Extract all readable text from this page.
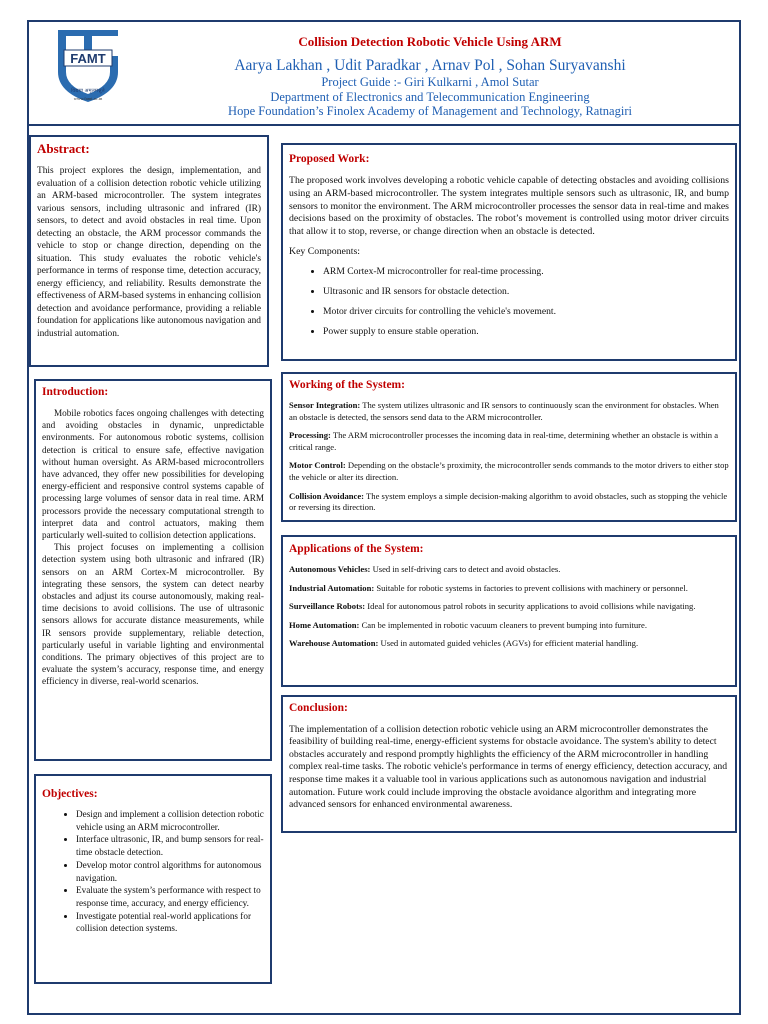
FAMT
विद्यया अमृतमश्नुते
www.famt.ac.in
Collision Detection Robotic Vehicle Using ARM
Aarya Lakhan , Udit Paradkar , Arnav Pol , Sohan Suryavanshi
Project Guide :- Giri Kulkarni , Amol Sutar
Department of Electronics and Telecommunication Engineering
Hope Foundation’s Finolex Academy of Management and Technology, Ratnagiri
Abstract:

This project explores the design, implementation, and evaluation of a collision detection robotic vehicle utilizing an ARM-based microcontroller. The system integrates various sensors, including ultrasonic and infrared (IR) sensors, to detect and avoid obstacles in real time. Upon detecting an obstacle, the ARM processor commands the vehicle to stop or change direction, depending on the situation. This study evaluates the robotic vehicle's performance in terms of response time, detection accuracy, energy efficiency, and reliability. Results demonstrate the effectiveness of ARM-based systems in enhancing collision detection and avoidance performance, providing a reliable foundation for applications like autonomous navigation and industrial automation.

Introduction:

Mobile robotics faces ongoing challenges with detecting and avoiding obstacles in dynamic, unpredictable environments. For autonomous robotic systems, collision detection is critical to ensure safe, effective navigation without human oversight. As ARM-based microcontrollers have advanced, they offer new possibilities for developing energy-efficient and responsive control systems capable of processing large volumes of sensor data in real time. ARM processors provide the necessary computational strength to interpret data and control actuators, making them particularly well-suited to collision detection applications.

This project focuses on implementing a collision detection system using both ultrasonic and infrared (IR) sensors on an ARM Cortex-M microcontroller. By integrating these sensors, the system can detect nearby obstacles and adjust its course autonomously, making real-time decisions to avoid collisions. The use of ultrasonic sensors allows for accurate distance measurements, while IR sensors provide supplementary, reliable detection, particularly useful in variable lighting and environmental conditions. The primary objectives of this project are to evaluate the system’s accuracy, response time, and energy efficiency in diverse, real-world scenarios.

Objectives:
• Design and implement a collision detection robotic vehicle using an ARM microcontroller.
• Interface ultrasonic, IR, and bump sensors for real-time obstacle detection.
• Develop motor control algorithms for autonomous navigation.
• Evaluate the system’s performance with respect to response time, accuracy, and energy efficiency.
• Investigate potential real-world applications for collision detection systems.
Proposed Work:

The proposed work involves developing a robotic vehicle capable of detecting obstacles and avoiding collisions using an ARM-based microcontroller. The system integrates multiple sensors such as ultrasonic, IR, and bump sensors to monitor the environment. The ARM microcontroller processes the sensor data in real-time and makes decisions based on the proximity of obstacles. The robot’s movement is controlled using motor driver circuits that allow it to stop, reverse, or change direction when an obstacle is detected.

Key Components:

• ARM Cortex-M microcontroller for real-time processing.
• Ultrasonic and IR sensors for obstacle detection.
• Motor driver circuits for controlling the vehicle's movement.
• Power supply to ensure stable operation.
Working of the System:

Sensor Integration: The system utilizes ultrasonic and IR sensors to continuously scan the environment for obstacles. When an obstacle is detected, the sensors send data to the ARM microcontroller.

Processing: The ARM microcontroller processes the incoming data in real-time, determining whether an obstacle is within a critical range.

Motor Control: Depending on the obstacle’s proximity, the microcontroller sends commands to the motor drivers to either stop the vehicle or alter its direction.

Collision Avoidance: The system employs a simple decision-making algorithm to avoid obstacles, such as stopping the vehicle or reversing its direction.

Applications of the System:

Autonomous Vehicles: Used in self-driving cars to detect and avoid obstacles.

Industrial Automation: Suitable for robotic systems in factories to prevent collisions with machinery or personnel.

Surveillance Robots: Ideal for autonomous patrol robots in security applications to avoid collisions while navigating.

Home Automation: Can be implemented in robotic vacuum cleaners to prevent bumping into furniture.

Warehouse Automation: Used in automated guided vehicles (AGVs) for efficient material handling.

Conclusion:

The implementation of a collision detection robotic vehicle using an ARM microcontroller demonstrates the feasibility of building real-time, energy-efficient systems for obstacle avoidance. The system's ability to detect obstacles accurately and respond promptly highlights the efficiency of the ARM microcontroller in handling complex real-time tasks. The robotic vehicle's performance in terms of energy efficiency, detection accuracy, and response time makes it a valuable tool in various applications such as autonomous navigation and industrial automation. Future work could include improving the obstacle avoidance algorithm and integrating more advanced sensors for enhanced environmental awareness.
